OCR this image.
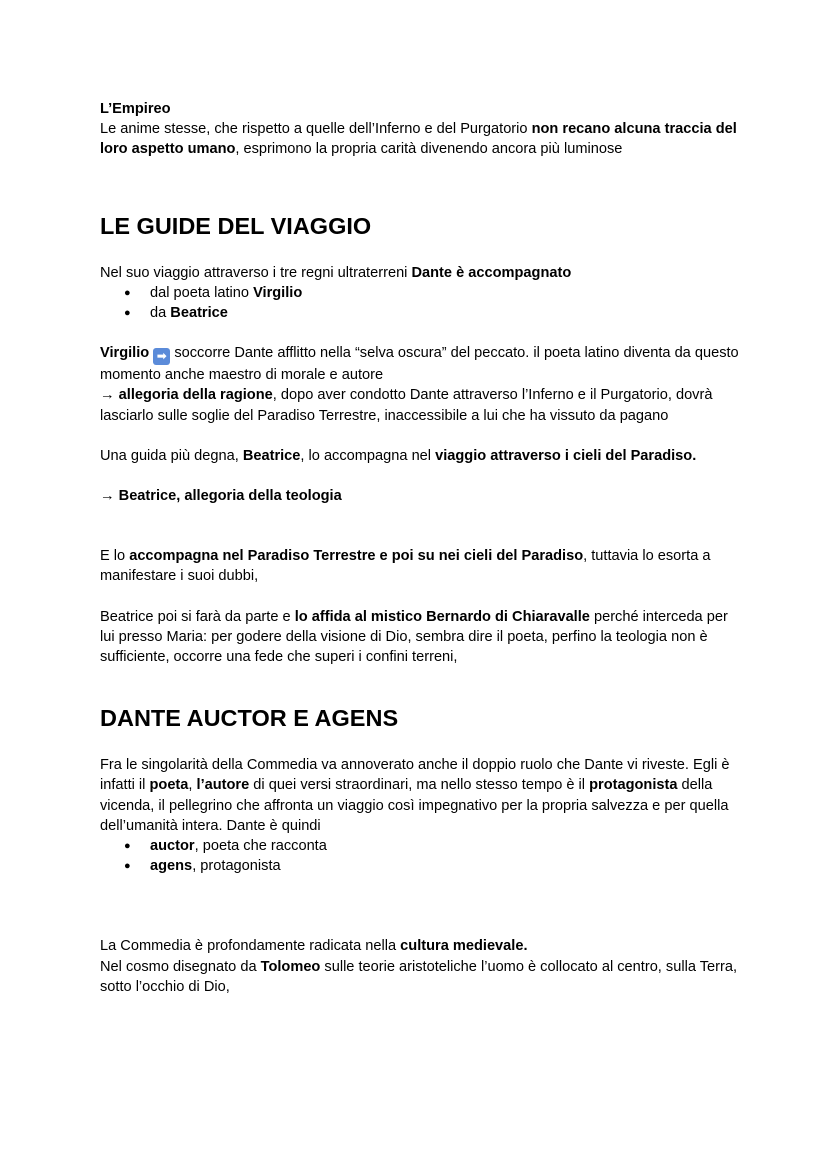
L’Empireo

Le anime stesse, che rispetto a quelle dell’Inferno e del Purgatorio non recano alcuna traccia del loro aspetto umano, esprimono la propria carità divenendo ancora più luminose

LE GUIDE DEL VIAGGIO

Nel suo viaggio attraverso i tre regni ultraterreni Dante è accompagnato

● dal poeta latino Virgilio
● da Beatrice

Virgilio ➡ soccorre Dante afflitto nella “selva oscura” del peccato. il poeta latino diventa da questo momento anche maestro di morale e autore

→ allegoria della ragione, dopo aver condotto Dante attraverso l’Inferno e il Purgatorio, dovrà lasciarlo sulle soglie del Paradiso Terrestre, inaccessibile a lui che ha vissuto da pagano

Una guida più degna, Beatrice, lo accompagna nel viaggio attraverso i cieli del Paradiso.

→ Beatrice, allegoria della teologia

E lo accompagna nel Paradiso Terrestre e poi su nei cieli del Paradiso, tuttavia lo esorta a manifestare i suoi dubbi,

Beatrice poi si farà da parte e lo affida al mistico Bernardo di Chiaravalle perché interceda per lui presso Maria: per godere della visione di Dio, sembra dire il poeta, perfino la teologia non è sufficiente, occorre una fede che superi i confini terreni,

DANTE AUCTOR E AGENS

Fra le singolarità della Commedia va annoverato anche il doppio ruolo che Dante vi riveste. Egli è infatti il poeta, l’autore di quei versi straordinari, ma nello stesso tempo è il protagonista della vicenda, il pellegrino che affronta un viaggio così impegnativo per la propria salvezza e per quella dell’umanità intera. Dante è quindi

● auctor, poeta che racconta
● agens, protagonista

La Commedia è profondamente radicata nella cultura medievale.

Nel cosmo disegnato da Tolomeo sulle teorie aristoteliche l’uomo è collocato al centro, sulla Terra, sotto l’occhio di Dio,
